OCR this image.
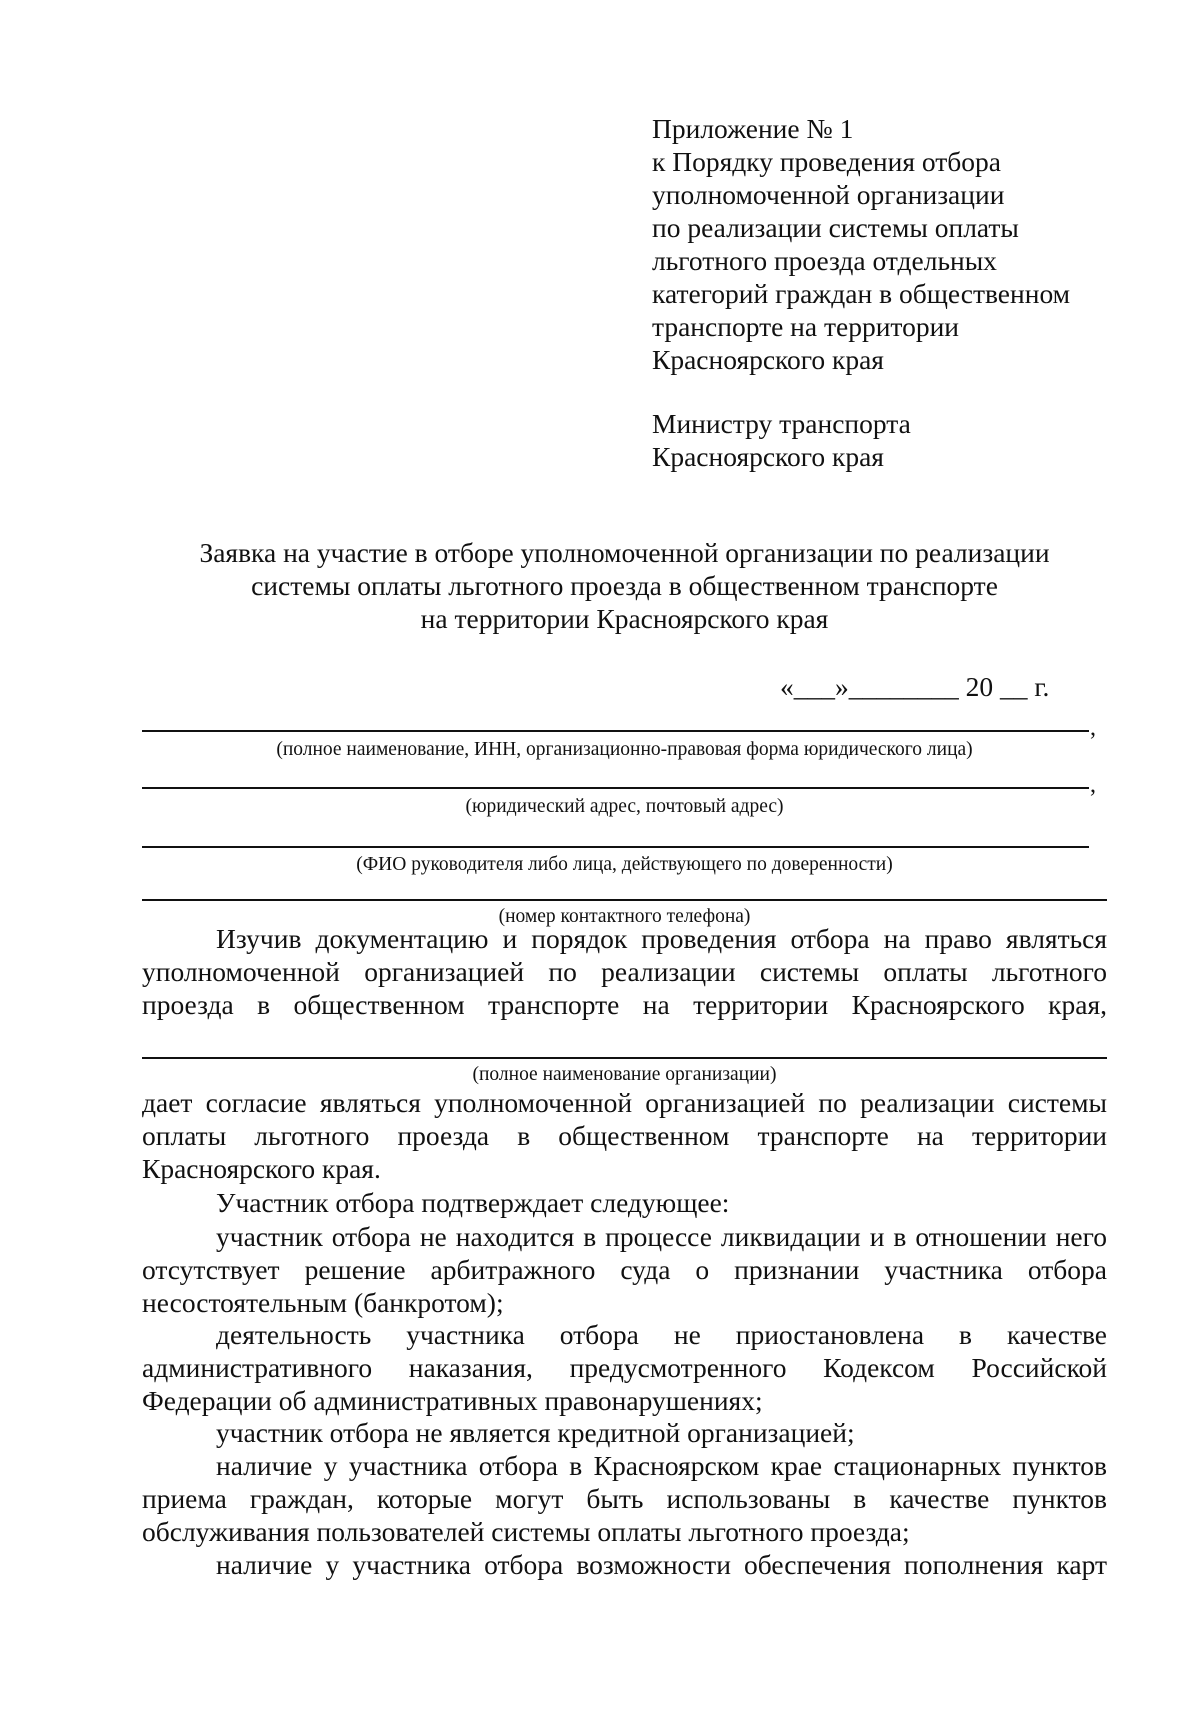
Приложение № 1
к Порядку проведения отбора
уполномоченной организации
по реализации системы оплаты
льготного проезда отдельных
категорий граждан в общественном
транспорте на территории
Красноярского края
Министру транспорта
Красноярского края
Заявка на участие в отборе уполномоченной организации по реализации
системы оплаты льготного проезда в общественном транспорте
на территории Красноярского края
«___»________ 20 __ г.
,
(полное наименование, ИНН, организационно-правовая форма юридического лица)
,
(юридический адрес, почтовый адрес)
(ФИО руководителя либо лица, действующего по доверенности)
(номер контактного телефона)
Изучив документацию и порядок проведения отбора на право являться
уполномоченной организацией по реализации системы оплаты льготного
проезда в общественном транспорте на территории Красноярского края,
(полное наименование организации)
дает согласие являться уполномоченной организацией по реализации системы
оплаты льготного проезда в общественном транспорте на территории
Красноярского края.
Участник отбора подтверждает следующее:
участник отбора не находится в процессе ликвидации и в отношении него
отсутствует решение арбитражного суда о признании участника отбора
несостоятельным (банкротом);
деятельность участника отбора не приостановлена в качестве
административного наказания, предусмотренного Кодексом Российской
Федерации об административных правонарушениях;
участник отбора не является кредитной организацией;
наличие у участника отбора в Красноярском крае стационарных пунктов
приема граждан, которые могут быть использованы в качестве пунктов
обслуживания пользователей системы оплаты льготного проезда;
наличие у участника отбора возможности обеспечения пополнения карт
